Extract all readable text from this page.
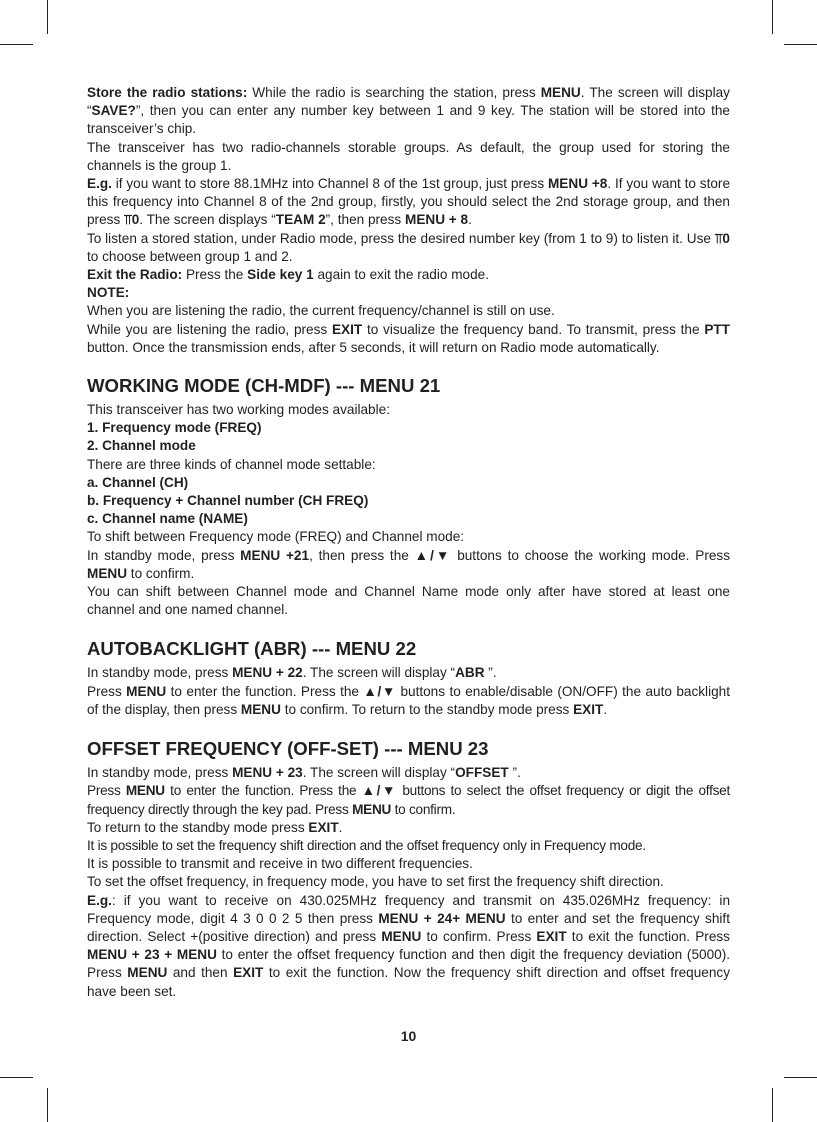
Store the radio stations: While the radio is searching the station, press MENU. The screen will display “SAVE?”, then you can enter any number key between 1 and 9 key. The station will be stored into the transceiver’s chip.

The transceiver has two radio-channels storable groups. As default, the group used for storing the channels is the group 1.

E.g. if you want to store 88.1MHz into Channel 8 of the 1st group, just press MENU +8. If you want to store this frequency into Channel 8 of the 2nd group, firstly, you should select the 2nd storage group, and then press ⫪0. The screen displays “TEAM 2”, then press MENU + 8.

To listen a stored station, under Radio mode, press the desired number key (from 1 to 9) to listen it. Use ⫪0 to choose between group 1 and 2.

Exit the Radio: Press the Side key 1 again to exit the radio mode.

NOTE:

When you are listening the radio, the current frequency/channel is still on use.

While you are listening the radio, press EXIT to visualize the frequency band. To transmit, press the PTT button. Once the transmission ends, after 5 seconds, it will return on Radio mode automatically.

WORKING MODE (CH-MDF) --- MENU 21

This transceiver has two working modes available:

1. Frequency mode (FREQ)

2. Channel mode

There are three kinds of channel mode settable:

a. Channel (CH)

b. Frequency + Channel number (CH FREQ)

c. Channel name (NAME)

To shift between Frequency mode (FREQ) and Channel mode:

In standby mode, press MENU +21, then press the ▲/▼ buttons to choose the working mode. Press MENU to confirm.

You can shift between Channel mode and Channel Name mode only after have stored at least one channel and one named channel.

AUTOBACKLIGHT (ABR) --- MENU 22

In standby mode, press MENU + 22. The screen will display “ABR ”.

Press MENU to enter the function. Press the ▲/▼ buttons to enable/disable (ON/OFF) the auto backlight of the display, then press MENU to confirm. To return to the standby mode press EXIT.

OFFSET FREQUENCY (OFF-SET) --- MENU 23

In standby mode, press MENU + 23. The screen will display “OFFSET ”.

Press MENU to enter the function. Press the ▲/▼ buttons to select the offset frequency or digit the offset frequency directly through the key pad. Press MENU to confirm.

To return to the standby mode press EXIT.

It is possible to set the frequency shift direction and the offset frequency only in Frequency mode.

It is possible to transmit and receive in two different frequencies.

To set the offset frequency, in frequency mode, you have to set first the frequency shift direction.

E.g.: if you want to receive on 430.025MHz frequency and transmit on 435.026MHz frequency: in Frequency mode, digit 4 3 0 0 2 5 then press MENU + 24+ MENU to enter and set the frequency shift direction. Select +(positive direction) and press MENU to confirm. Press EXIT to exit the function. Press MENU + 23 + MENU to enter the offset frequency function and then digit the frequency deviation (5000). Press MENU and then EXIT to exit the function. Now the frequency shift direction and offset frequency have been set.

10
